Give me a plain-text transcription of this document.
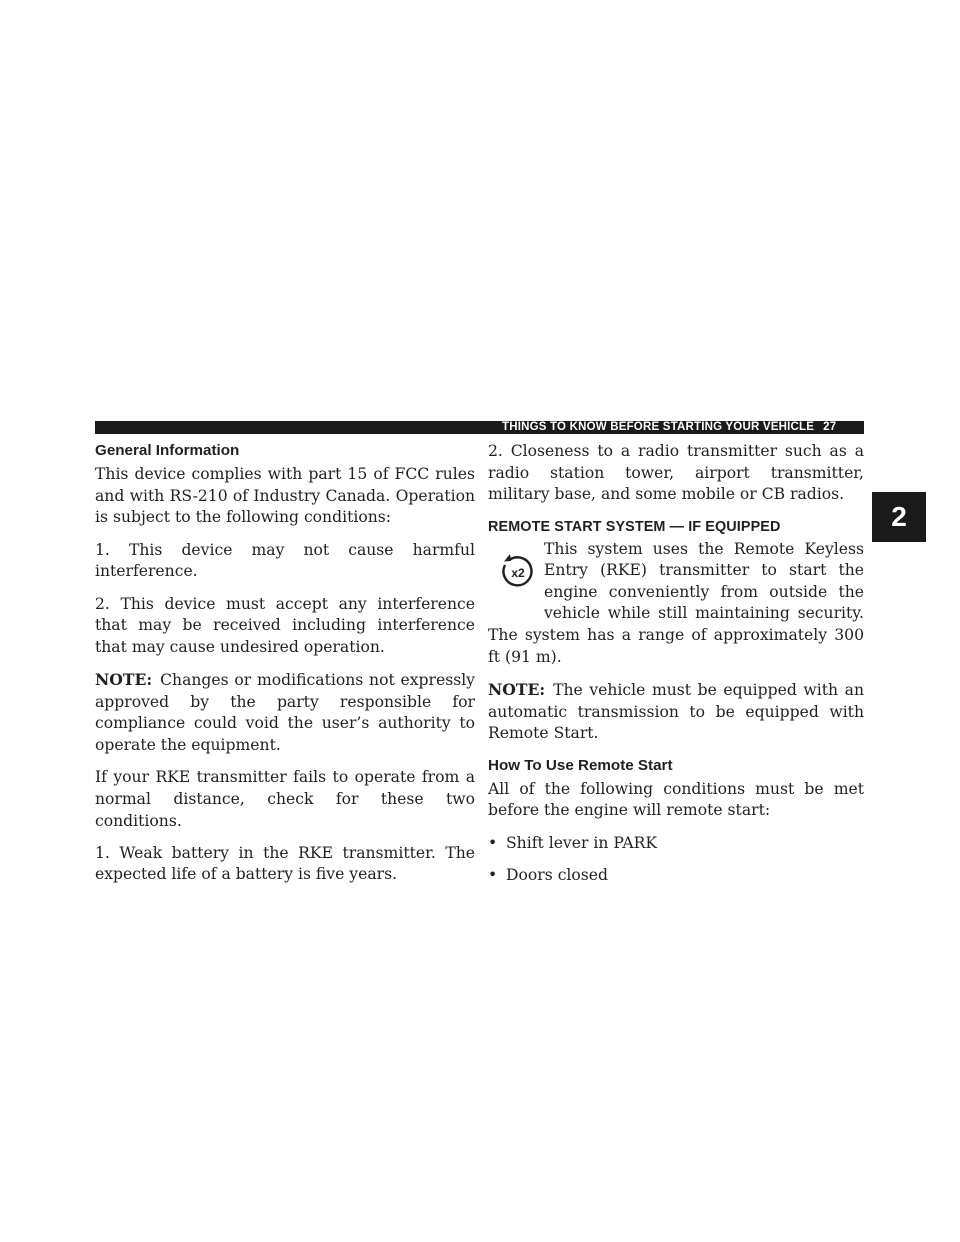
THINGS TO KNOW BEFORE STARTING YOUR VEHICLE 27
2
General Information

This device complies with part 15 of FCC rules and with RS-210 of Industry Canada. Operation is subject to the following conditions:

1. This device may not cause harmful interference.

2. This device must accept any interference that may be received including interference that may cause undesired operation.

NOTE: Changes or modifications not expressly approved by the party responsible for compliance could void the user’s authority to operate the equipment.

If your RKE transmitter fails to operate from a normal distance, check for these two conditions.

1. Weak battery in the RKE transmitter. The expected life of a battery is five years.

2. Closeness to a radio transmitter such as a radio station tower, airport transmitter, military base, and some mobile or CB radios.

REMOTE START SYSTEM — IF EQUIPPED

x2
This system uses the Remote Keyless Entry (RKE) transmitter to start the engine conveniently from outside the vehicle while still maintaining security. The system has a range of approximately 300 ft (91 m).

NOTE: The vehicle must be equipped with an automatic transmission to be equipped with Remote Start.

How To Use Remote Start

All of the following conditions must be met before the engine will remote start:

• Shift lever in PARK
• Doors closed
